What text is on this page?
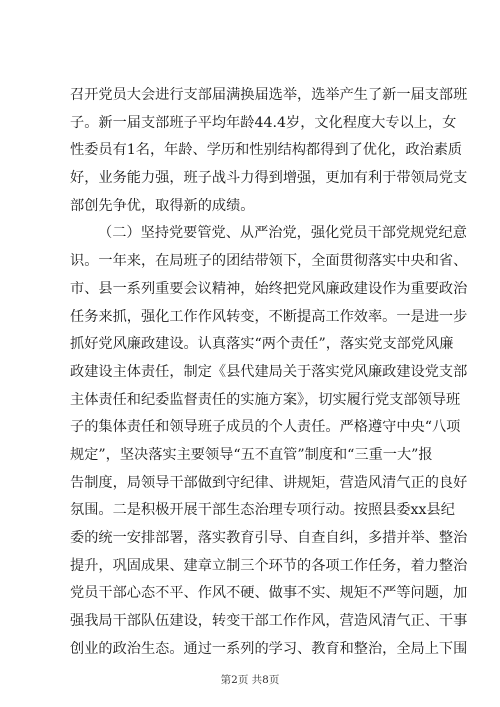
召开党员大会进行支部届满换届选举，选举产生了新一届支部班
子。新一届支部班子平均年龄44.4岁，文化程度大专以上，女
性委员有1名，年龄、学历和性别结构都得到了优化，政治素质
好，业务能力强，班子战斗力得到增强，更加有利于带领局党支
部创先争优，取得新的成绩。
（二）坚持党要管党、从严治党，强化党员干部党规党纪意
识。一年来，在局班子的团结带领下，全面贯彻落实中央和省、
市、县一系列重要会议精神，始终把党风廉政建设作为重要政治
任务来抓，强化工作作风转变，不断提高工作效率。一是进一步
抓好党风廉政建设。认真落实“两个责任”，落实党支部党风廉
政建设主体责任，制定《县代建局关于落实党风廉政建设党支部
主体责任和纪委监督责任的实施方案》，切实履行党支部领导班
子的集体责任和领导班子成员的个人责任。严格遵守中央“八项
规定”，坚决落实主要领导“五不直管”制度和“三重一大”报
告制度，局领导干部做到守纪律、讲规矩，营造风清气正的良好
氛围。二是积极开展干部生态治理专项行动。按照县委xx县纪
委的统一安排部署，落实教育引导、自查自纠，多措并举、整治
提升，巩固成果、建章立制三个环节的各项工作任务，着力整治
党员干部心态不平、作风不硬、做事不实、规矩不严等问题，加
强我局干部队伍建设，转变干部工作作风，营造风清气正、干事
创业的政治生态。通过一系列的学习、教育和整治，全局上下围
第2页 共8页
